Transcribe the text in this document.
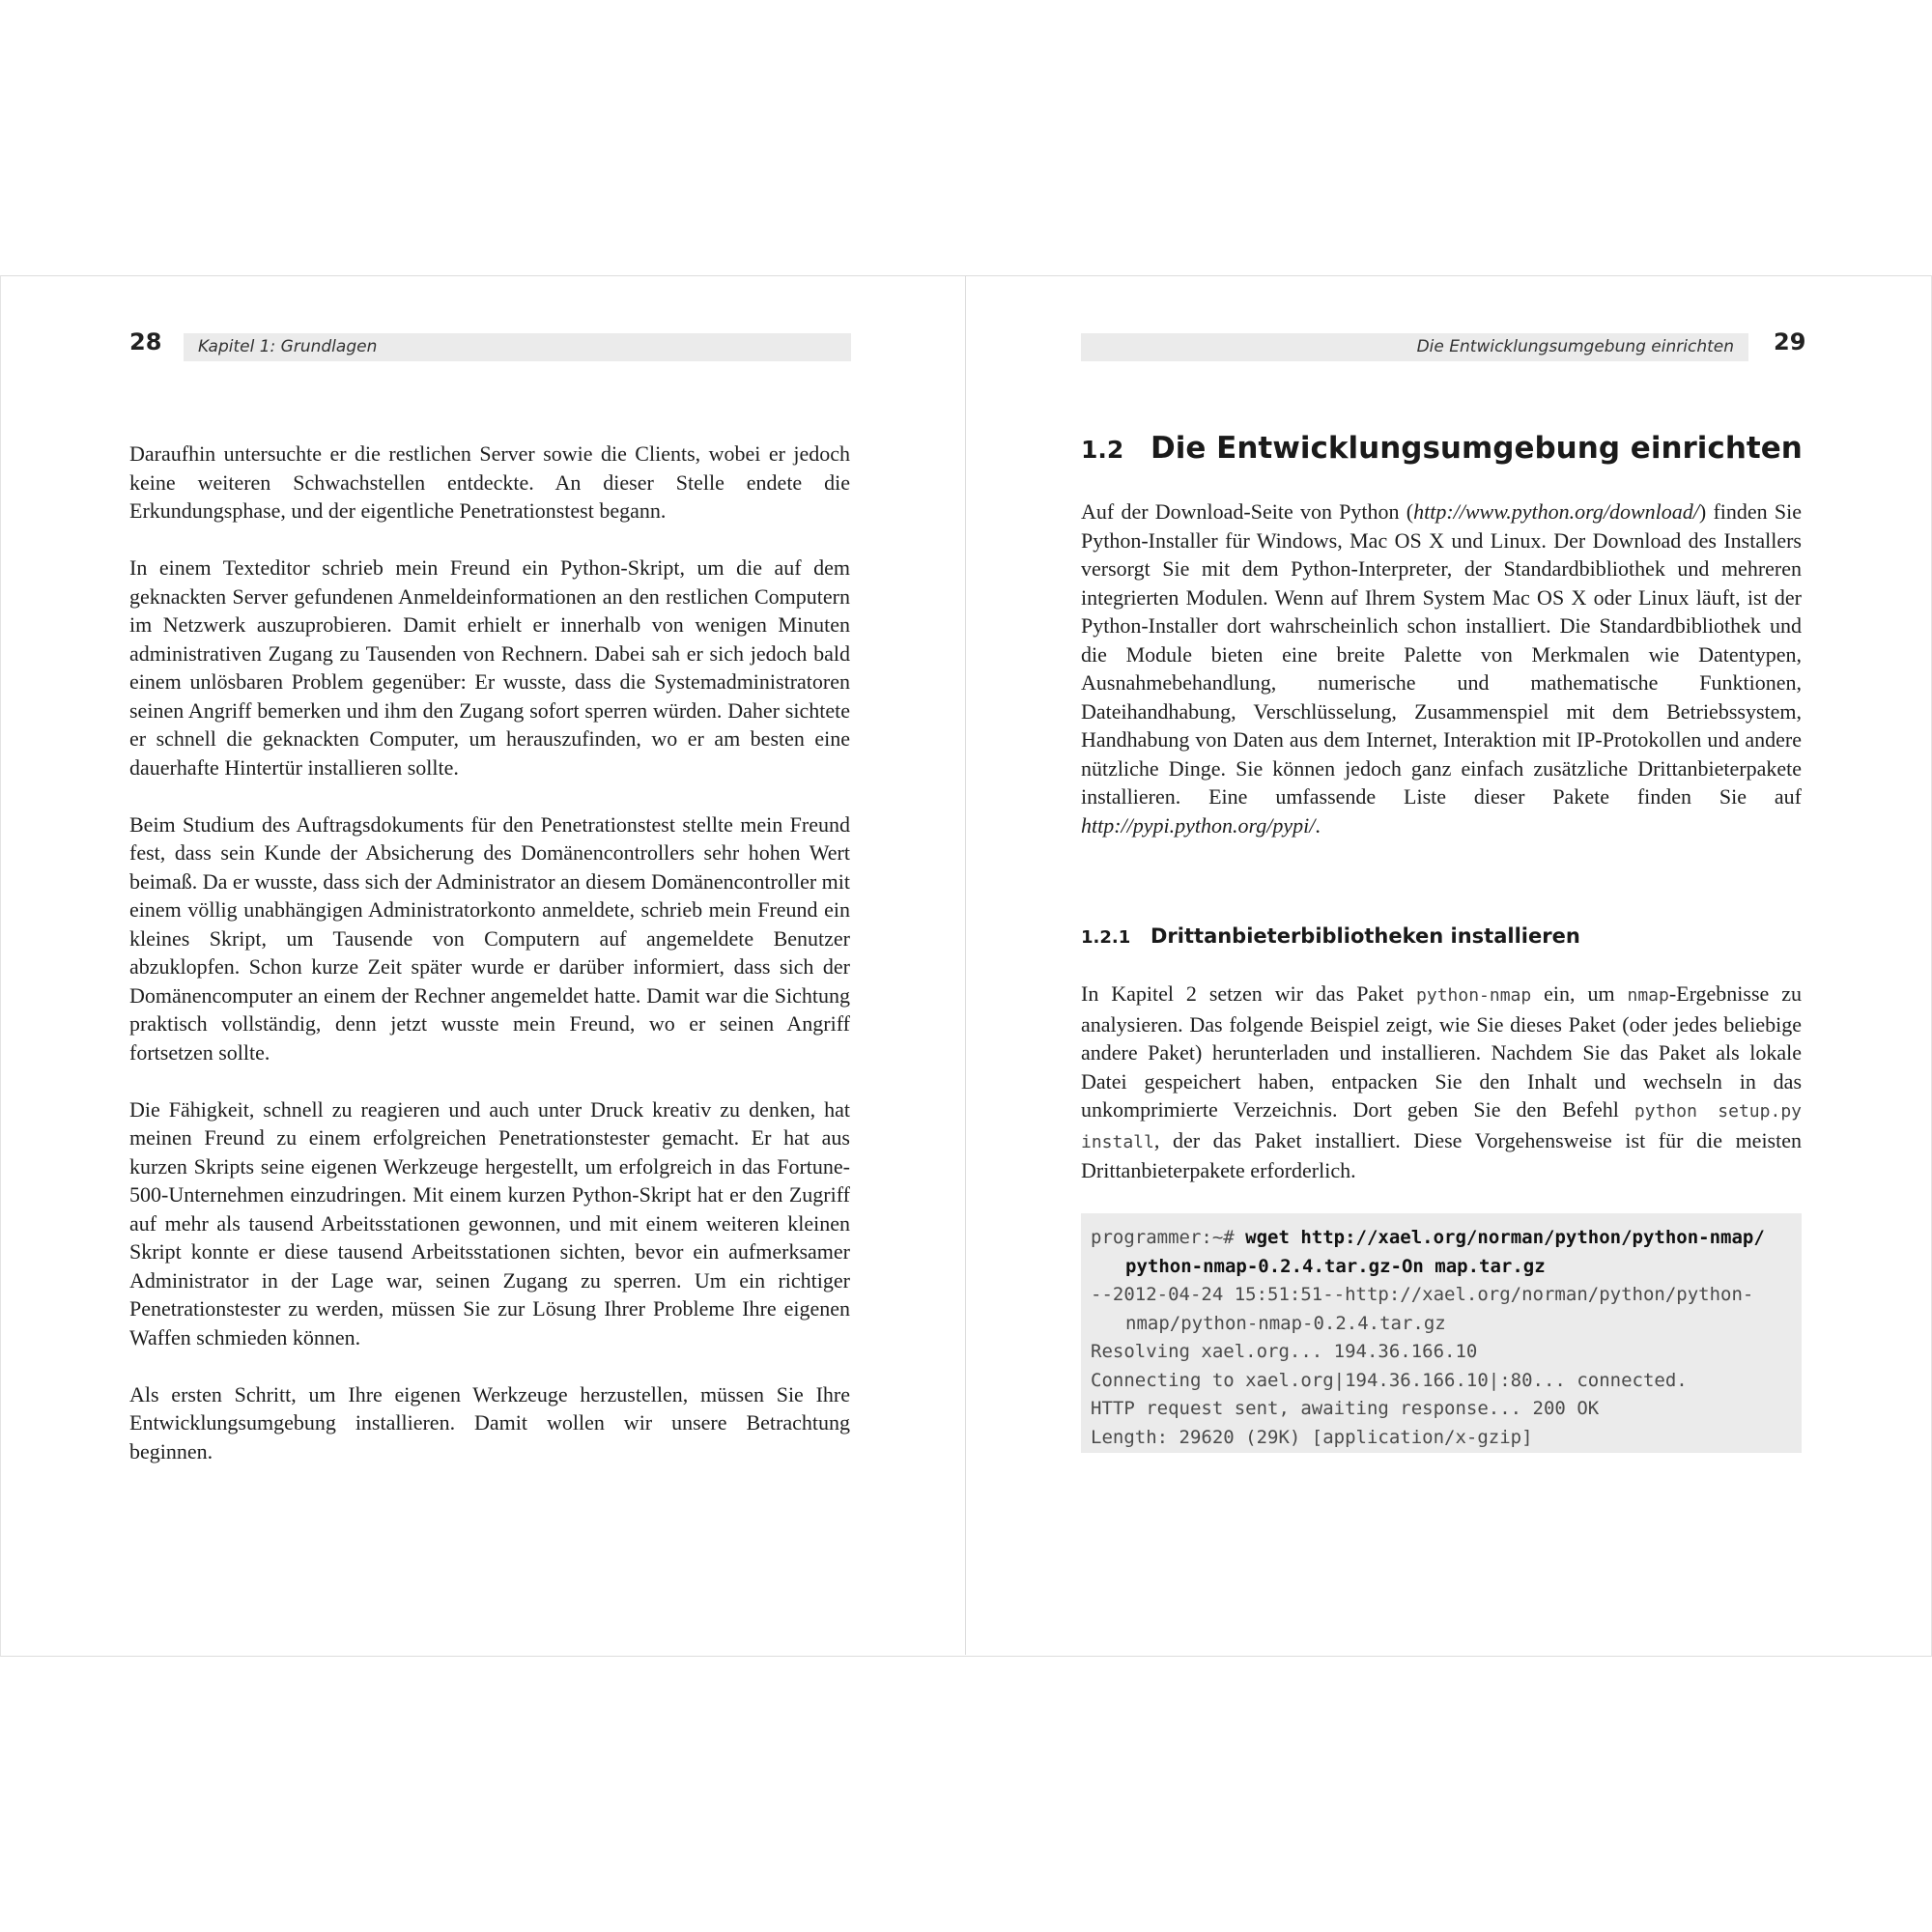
28	Kapitel 1: Grundlagen

Daraufhin untersuchte er die restlichen Server sowie die Clients, wobei er jedoch keine weiteren Schwachstellen entdeckte. An dieser Stelle endete die Erkundungsphase, und der eigentliche Penetrationstest begann.

In einem Texteditor schrieb mein Freund ein Python-Skript, um die auf dem geknackten Server gefundenen Anmeldeinformationen an den restlichen Computern im Netzwerk auszuprobieren. Damit erhielt er innerhalb von wenigen Minuten administrativen Zugang zu Tausenden von Rechnern. Dabei sah er sich jedoch bald einem unlösbaren Problem gegenüber: Er wusste, dass die Systemadministratoren seinen Angriff bemerken und ihm den Zugang sofort sperren würden. Daher sichtete er schnell die geknackten Computer, um herauszufinden, wo er am besten eine dauerhafte Hintertür installieren sollte.

Beim Studium des Auftragsdokuments für den Penetrationstest stellte mein Freund fest, dass sein Kunde der Absicherung des Domänencontrollers sehr hohen Wert beimaß. Da er wusste, dass sich der Administrator an diesem Domänencontroller mit einem völlig unabhängigen Administratorkonto anmeldete, schrieb mein Freund ein kleines Skript, um Tausende von Computern auf angemeldete Benutzer abzuklopfen. Schon kurze Zeit später wurde er darüber informiert, dass sich der Domänencomputer an einem der Rechner angemeldet hatte. Damit war die Sichtung praktisch vollständig, denn jetzt wusste mein Freund, wo er seinen Angriff fortsetzen sollte.

Die Fähigkeit, schnell zu reagieren und auch unter Druck kreativ zu denken, hat meinen Freund zu einem erfolgreichen Penetrationstester gemacht. Er hat aus kurzen Skripts seine eigenen Werkzeuge hergestellt, um erfolgreich in das Fortune-500-Unternehmen einzudringen. Mit einem kurzen Python-Skript hat er den Zugriff auf mehr als tausend Arbeitsstationen gewonnen, und mit einem weiteren kleinen Skript konnte er diese tausend Arbeitsstationen sichten, bevor ein aufmerksamer Administrator in der Lage war, seinen Zugang zu sperren. Um ein richtiger Penetrationstester zu werden, müssen Sie zur Lösung Ihrer Probleme Ihre eigenen Waffen schmieden können.

Als ersten Schritt, um Ihre eigenen Werkzeuge herzustellen, müssen Sie Ihre Entwicklungsumgebung installieren. Damit wollen wir unsere Betrachtung beginnen.

Die Entwicklungsumgebung einrichten	29
1.2 Die Entwicklungsumgebung einrichten

Auf der Download-Seite von Python (http://www.python.org/download/) finden Sie Python-Installer für Windows, Mac OS X und Linux. Der Download des Installers versorgt Sie mit dem Python-Interpreter, der Standardbibliothek und mehreren integrierten Modulen. Wenn auf Ihrem System Mac OS X oder Linux läuft, ist der Python-Installer dort wahrscheinlich schon installiert. Die Standardbibliothek und die Module bieten eine breite Palette von Merkmalen wie Datentypen, Ausnahmebehandlung, numerische und mathematische Funktionen, Dateihandhabung, Verschlüsselung, Zusammenspiel mit dem Betriebssystem, Handhabung von Daten aus dem Internet, Interaktion mit IP-Protokollen und andere nützliche Dinge. Sie können jedoch ganz einfach zusätzliche Drittanbieterpakete installieren. Eine umfassende Liste dieser Pakete finden Sie auf http://pypi.python.org/pypi/.

1.2.1 Drittanbieterbibliotheken installieren

In Kapitel 2 setzen wir das Paket python-nmap ein, um nmap-Ergebnisse zu analysieren. Das folgende Beispiel zeigt, wie Sie dieses Paket (oder jedes beliebige andere Paket) herunterladen und installieren. Nachdem Sie das Paket als lokale Datei gespeichert haben, entpacken Sie den Inhalt und wechseln in das unkomprimierte Verzeichnis. Dort geben Sie den Befehl python setup.py install, der das Paket installiert. Diese Vorgehensweise ist für die meisten Drittanbieterpakete erforderlich.

programmer:~# wget http://xael.org/norman/python/python-nmap/
python-nmap-0.2.4.tar.gz-On map.tar.gz
--2012-04-24 15:51:51--http://xael.org/norman/python/python-
nmap/python-nmap-0.2.4.tar.gz
Resolving xael.org... 194.36.166.10
Connecting to xael.org|194.36.166.10|:80... connected.
HTTP request sent, awaiting response... 200 OK
Length: 29620 (29K) [application/x-gzip]
